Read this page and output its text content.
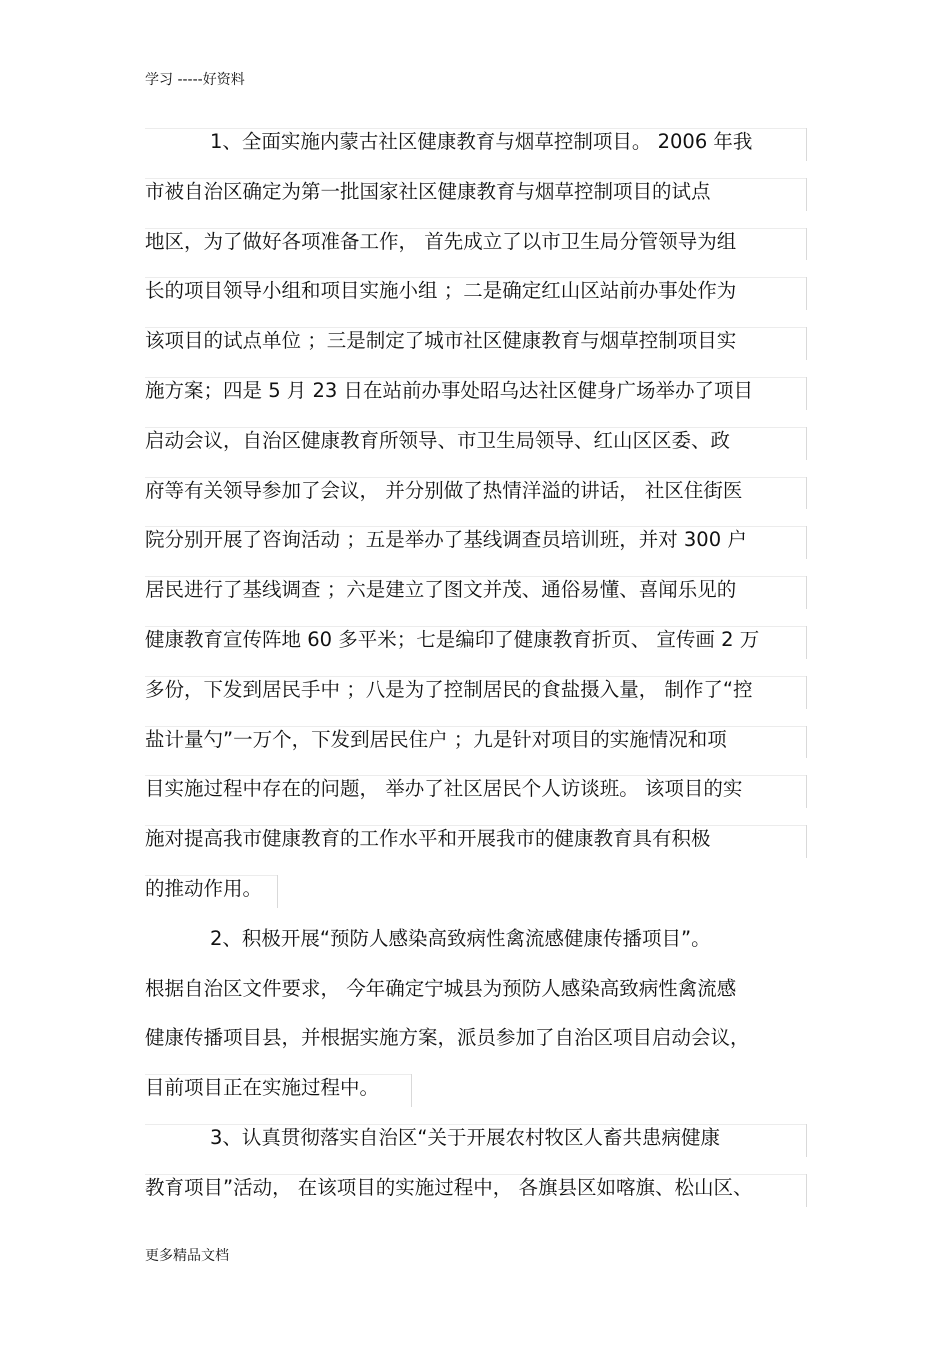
学习 -----好资料
1、全面实施内蒙古社区健康教育与烟草控制项目。 2006 年我
市被自治区确定为第一批国家社区健康教育与烟草控制项目的试点
地区，为了做好各项准备工作， 首先成立了以市卫生局分管领导为组
长的项目领导小组和项目实施小组 ；二是确定红山区站前办事处作为
该项目的试点单位 ；三是制定了城市社区健康教育与烟草控制项目实
施方案；四是 5 月 23 日在站前办事处昭乌达社区健身广场举办了项目
启动会议，自治区健康教育所领导、市卫生局领导、红山区区委、政
府等有关领导参加了会议， 并分别做了热情洋溢的讲话， 社区住街医
院分别开展了咨询活动 ；五是举办了基线调查员培训班，并对 300 户
居民进行了基线调查 ；六是建立了图文并茂、通俗易懂、喜闻乐见的
健康教育宣传阵地 60 多平米；七是编印了健康教育折页、 宣传画 2 万
多份，下发到居民手中 ；八是为了控制居民的食盐摄入量， 制作了“控
盐计量勺”一万个，下发到居民住户 ；九是针对项目的实施情况和项
目实施过程中存在的问题， 举办了社区居民个人访谈班。 该项目的实
施对提高我市健康教育的工作水平和开展我市的健康教育具有积极
的推动作用。
2、积极开展“预防人感染高致病性禽流感健康传播项目”。
根据自治区文件要求， 今年确定宁城县为预防人感染高致病性禽流感
健康传播项目县，并根据实施方案，派员参加了自治区项目启动会议，
目前项目正在实施过程中。
3、认真贯彻落实自治区“关于开展农村牧区人畜共患病健康
教育项目”活动， 在该项目的实施过程中， 各旗县区如喀旗、松山区、
更多精品文档
